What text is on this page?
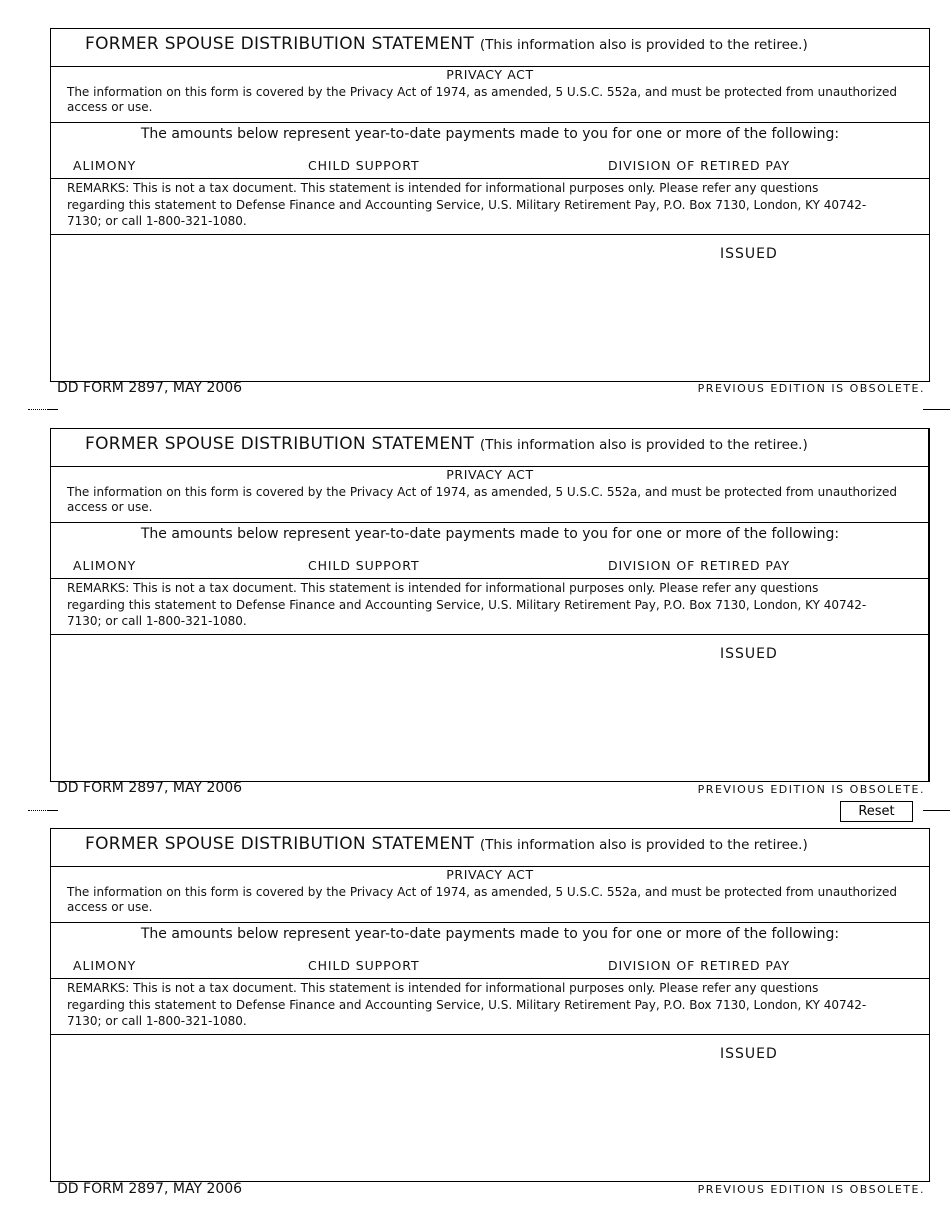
FORMER SPOUSE DISTRIBUTION STATEMENT (This information also is provided to the retiree.)
PRIVACY ACT
The information on this form is covered by the Privacy Act of 1974, as amended, 5 U.S.C. 552a, and must be protected from unauthorized access or use.
The amounts below represent year-to-date payments made to you for one or more of the following:
ALIMONY	CHILD SUPPORT	DIVISION OF RETIRED PAY
REMARKS: This is not a tax document. This statement is intended for informational purposes only. Please refer any questions regarding this statement to Defense Finance and Accounting Service, U.S. Military Retirement Pay, P.O. Box 7130, London, KY 40742-7130; or call 1-800-321-1080.
ISSUED
DD FORM 2897, MAY 2006	PREVIOUS EDITION IS OBSOLETE.
FORMER SPOUSE DISTRIBUTION STATEMENT (This information also is provided to the retiree.)
PRIVACY ACT
The information on this form is covered by the Privacy Act of 1974, as amended, 5 U.S.C. 552a, and must be protected from unauthorized access or use.
The amounts below represent year-to-date payments made to you for one or more of the following:
ALIMONY	CHILD SUPPORT	DIVISION OF RETIRED PAY
REMARKS: This is not a tax document. This statement is intended for informational purposes only. Please refer any questions regarding this statement to Defense Finance and Accounting Service, U.S. Military Retirement Pay, P.O. Box 7130, London, KY 40742-7130; or call 1-800-321-1080.
ISSUED
DD FORM 2897, MAY 2006	PREVIOUS EDITION IS OBSOLETE.
Reset
FORMER SPOUSE DISTRIBUTION STATEMENT (This information also is provided to the retiree.)
PRIVACY ACT
The information on this form is covered by the Privacy Act of 1974, as amended, 5 U.S.C. 552a, and must be protected from unauthorized access or use.
The amounts below represent year-to-date payments made to you for one or more of the following:
ALIMONY	CHILD SUPPORT	DIVISION OF RETIRED PAY
REMARKS: This is not a tax document. This statement is intended for informational purposes only. Please refer any questions regarding this statement to Defense Finance and Accounting Service, U.S. Military Retirement Pay, P.O. Box 7130, London, KY 40742-7130; or call 1-800-321-1080.
ISSUED
DD FORM 2897, MAY 2006	PREVIOUS EDITION IS OBSOLETE.
